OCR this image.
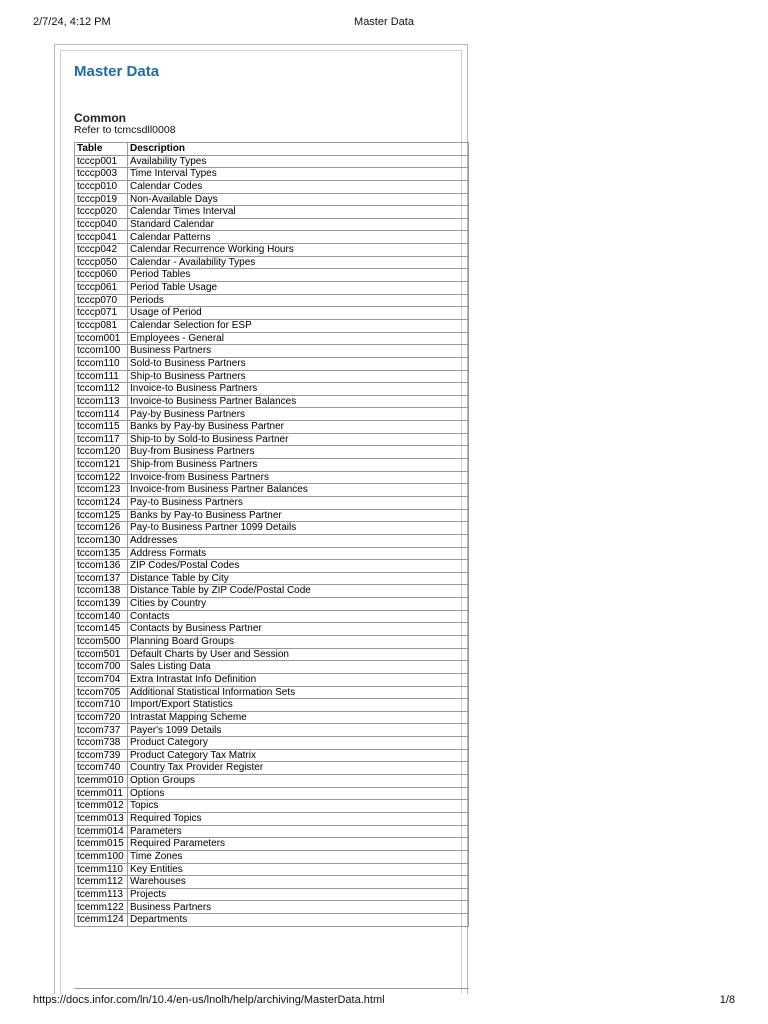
2/7/24, 4:12 PM	Master Data
Master Data
Common

Refer to tcmcsdll0008

Table	Description
tcccp001	Availability Types
tcccp003	Time Interval Types
tcccp010	Calendar Codes
tcccp019	Non-Available Days
tcccp020	Calendar Times Interval
tcccp040	Standard Calendar
tcccp041	Calendar Patterns
tcccp042	Calendar Recurrence Working Hours
tcccp050	Calendar - Availability Types
tcccp060	Period Tables
tcccp061	Period Table Usage
tcccp070	Periods
tcccp071	Usage of Period
tcccp081	Calendar Selection for ESP
tccom001	Employees - General
tccom100	Business Partners
tccom110	Sold-to Business Partners
tccom111	Ship-to Business Partners
tccom112	Invoice-to Business Partners
tccom113	Invoice-to Business Partner Balances
tccom114	Pay-by Business Partners
tccom115	Banks by Pay-by Business Partner
tccom117	Ship-to by Sold-to Business Partner
tccom120	Buy-from Business Partners
tccom121	Ship-from Business Partners
tccom122	Invoice-from Business Partners
tccom123	Invoice-from Business Partner Balances
tccom124	Pay-to Business Partners
tccom125	Banks by Pay-to Business Partner
tccom126	Pay-to Business Partner 1099 Details
tccom130	Addresses
tccom135	Address Formats
tccom136	ZIP Codes/Postal Codes
tccom137	Distance Table by City
tccom138	Distance Table by ZIP Code/Postal Code
tccom139	Cities by Country
tccom140	Contacts
tccom145	Contacts by Business Partner
tccom500	Planning Board Groups
tccom501	Default Charts by User and Session
tccom700	Sales Listing Data
tccom704	Extra Intrastat Info Definition
tccom705	Additional Statistical Information Sets
tccom710	Import/Export Statistics
tccom720	Intrastat Mapping Scheme
tccom737	Payer's 1099 Details
tccom738	Product Category
tccom739	Product Category Tax Matrix
tccom740	Country Tax Provider Register
tcemm010	Option Groups
tcemm011	Options
tcemm012	Topics
tcemm013	Required Topics
tcemm014	Parameters
tcemm015	Required Parameters
tcemm100	Time Zones
tcemm110	Key Entities
tcemm112	Warehouses
tcemm113	Projects
tcemm122	Business Partners
tcemm124	Departments
https://docs.infor.com/ln/10.4/en-us/lnolh/help/archiving/MasterData.html	1/8
